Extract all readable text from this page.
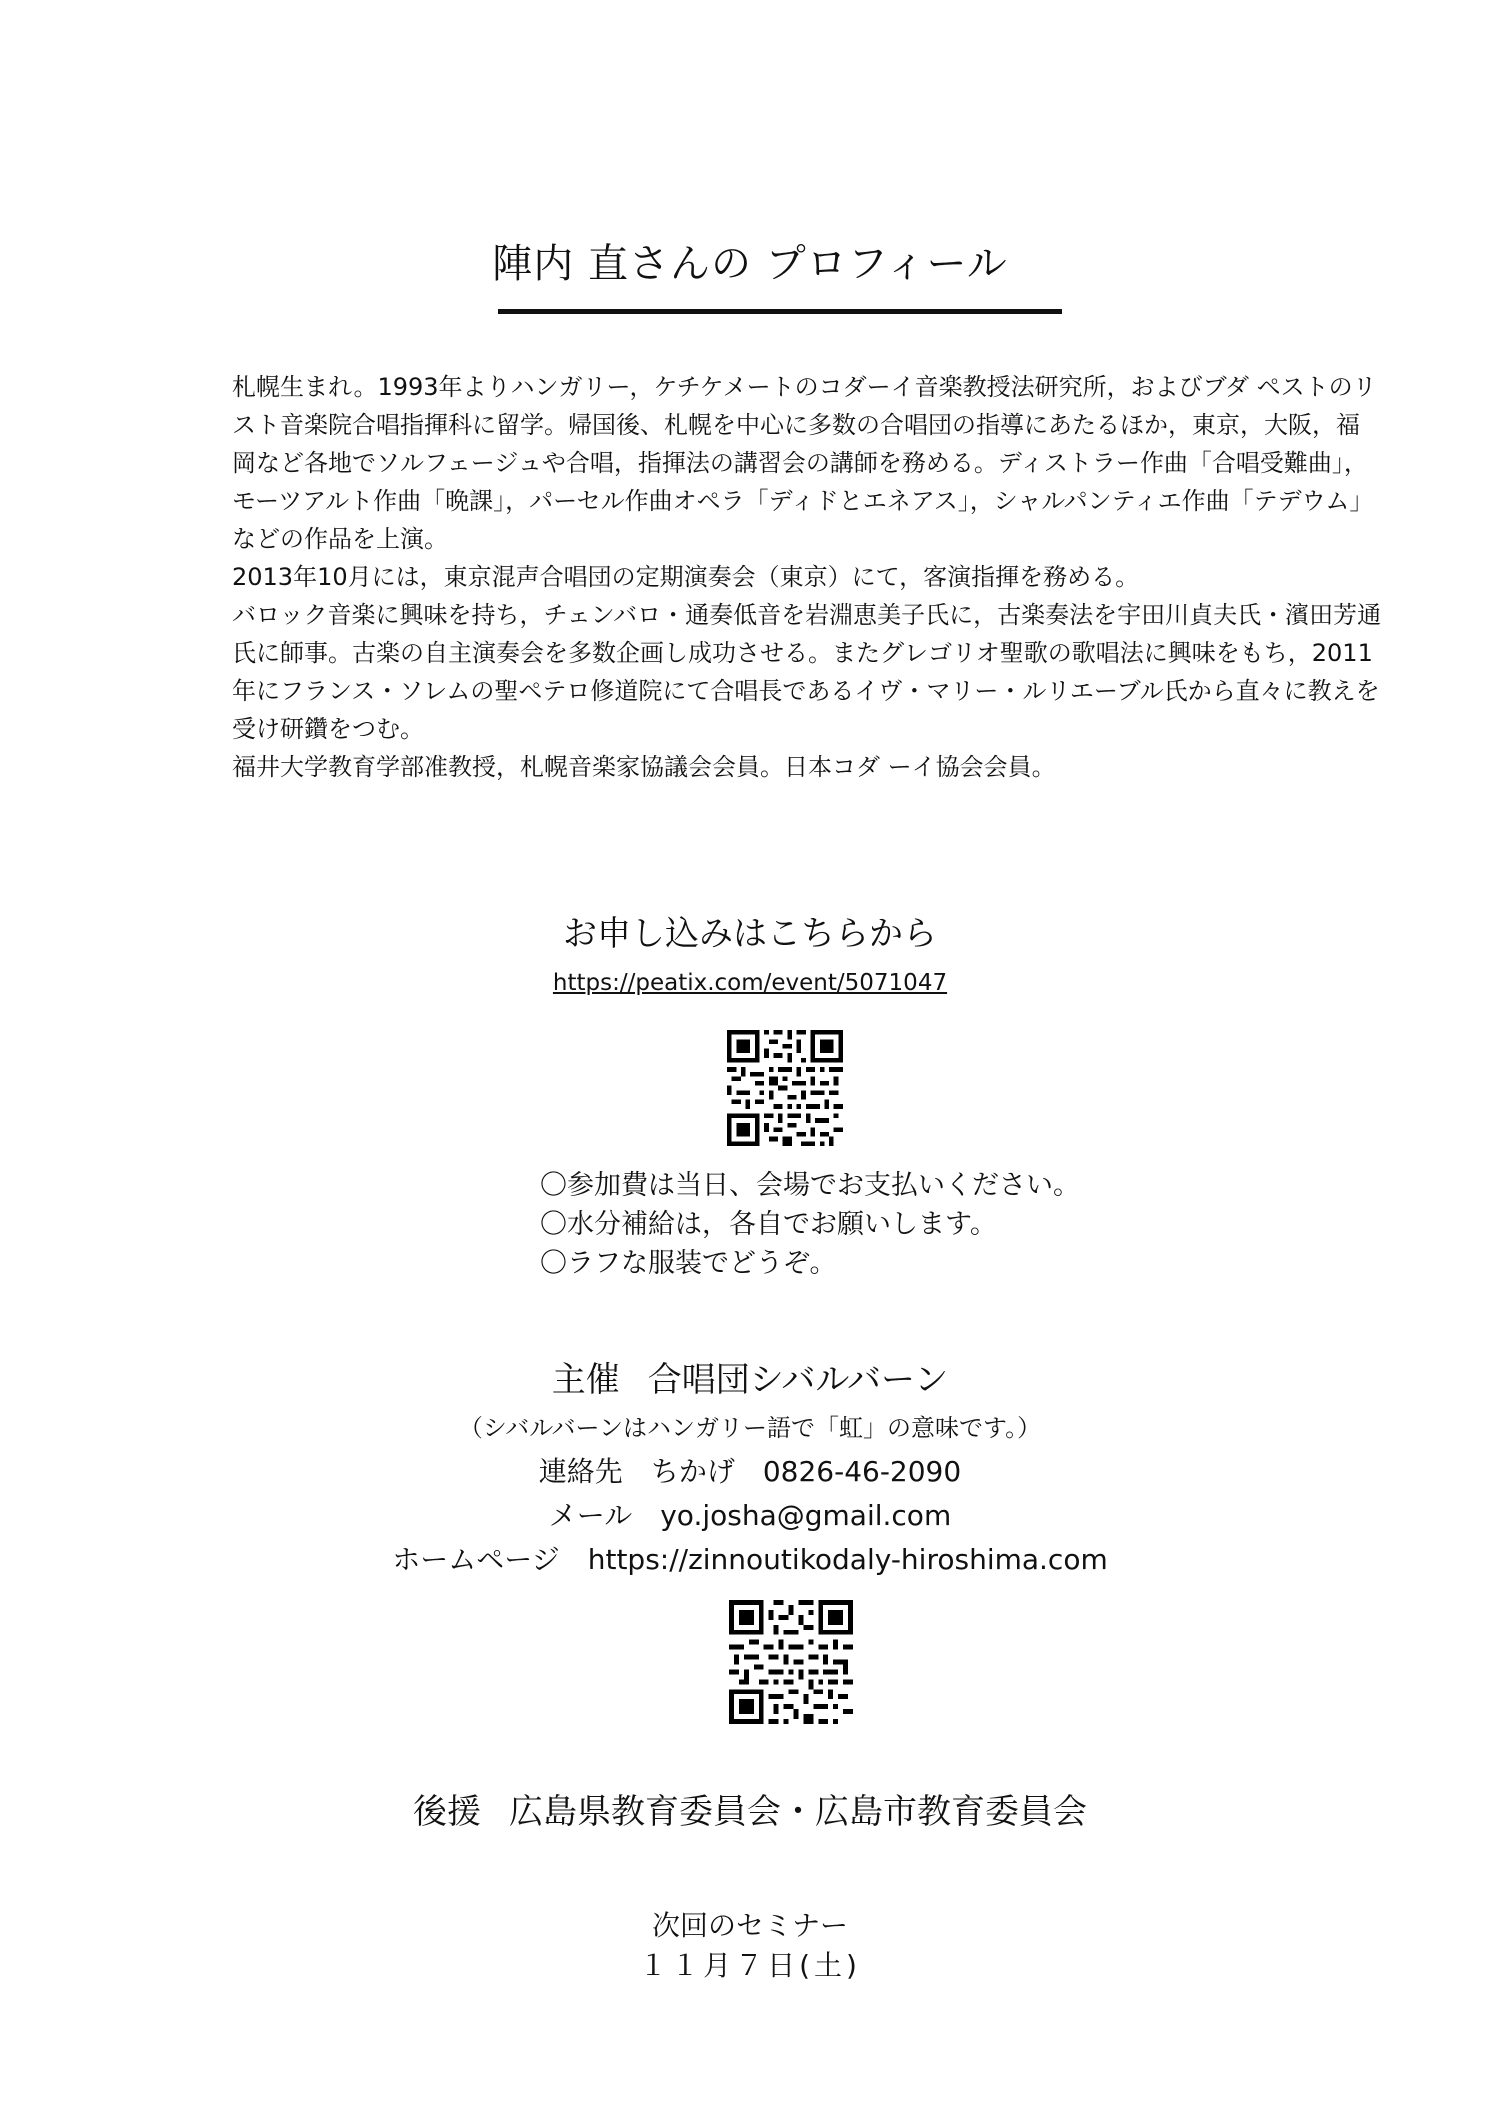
陣内 直さんの プロフィール

札幌生まれ。1993年よりハンガリー，ケチケメートのコダーイ音楽教授法研究所，およびブダ ペストのリスト音楽院合唱指揮科に留学。帰国後、札幌を中心に多数の合唱団の指導にあたるほか，東京，大阪，福岡など各地でソルフェージュや合唱，指揮法の講習会の講師を務める。ディストラー作曲「合唱受難曲」，モーツアルト作曲「晩課」，パーセル作曲オペラ「ディドとエネアス」，シャルパンティエ作曲「テデウム」などの作品を上演。

2013年10月には，東京混声合唱団の定期演奏会（東京）にて，客演指揮を務める。

バロック音楽に興味を持ち，チェンバロ・通奏低音を岩淵恵美子氏に，古楽奏法を宇田川貞夫氏・濱田芳通氏に師事。古楽の自主演奏会を多数企画し成功させる。またグレゴリオ聖歌の歌唱法に興味をもち，2011年にフランス・ソレムの聖ペテロ修道院にて合唱長であるイヴ・マリー・ルリエーブル氏から直々に教えを受け研鑽をつむ。

福井大学教育学部准教授，札幌音楽家協議会会員。日本コダ ーイ協会会員。

お申し込みはこちらから
https://peatix.com/event/5071047

〇参加費は当日、会場でお支払いください。

〇水分補給は，各自でお願いします。

〇ラフな服装でどうぞ。

主催 合唱団シバルバーン
（シバルバーンはハンガリー語で「虹」の意味です。）
連絡先 ちかげ 0826-46-2090
メール yo.josha@gmail.com
ホームページ https://zinnoutikodaly-hiroshima.com
後援 広島県教育委員会・広島市教育委員会
次回のセミナー
１１月７日(土)
